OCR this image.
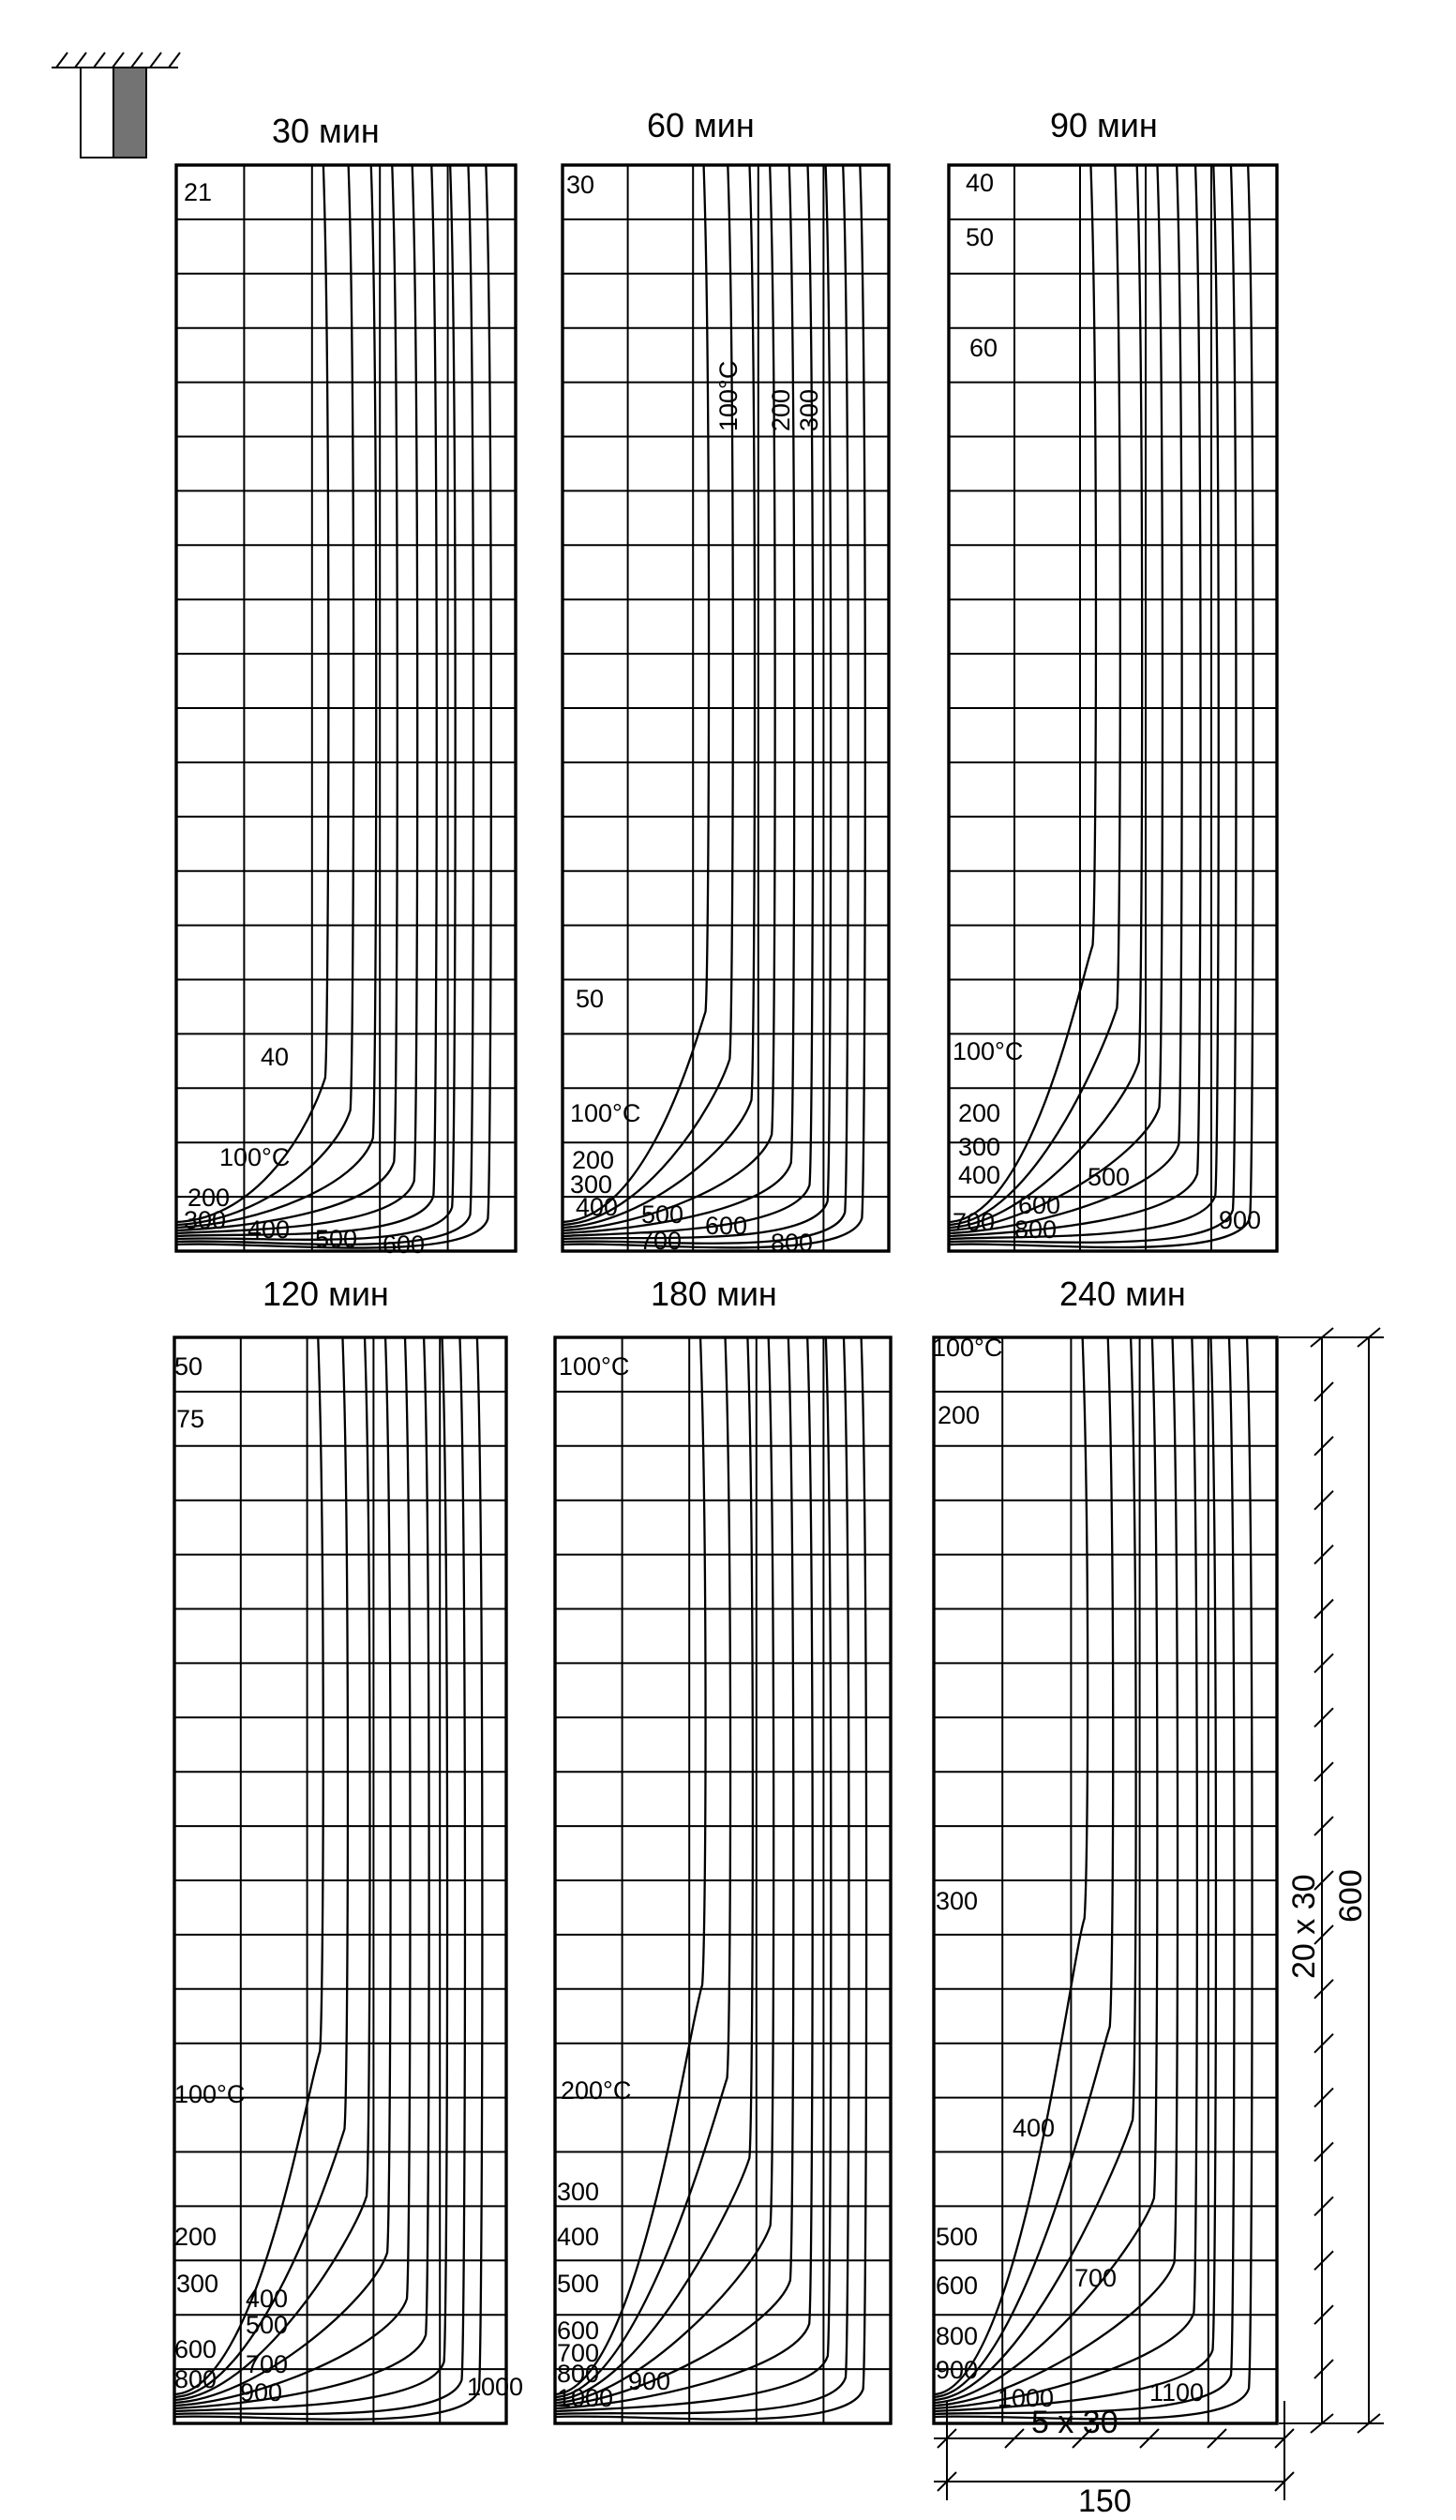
30 мин	60 мин	90 мин
120 мин	180 мин	240 мин
21
40
100°C
200
300 400 500 600
30
100°C 200 300
50
100°C
200
300
400 500 600
700	800
40
50
60
100°C
200
300
400	500
600
700 800	900
50
75
100°C
200
300
400
500
600
700
800 900	1000
100°C
200°C
300
400
500
600
700
800 900
1000
100°C
200
300
400
500
600	700
800
900
1000	1100
20 x 30 600
5 x 30
150
